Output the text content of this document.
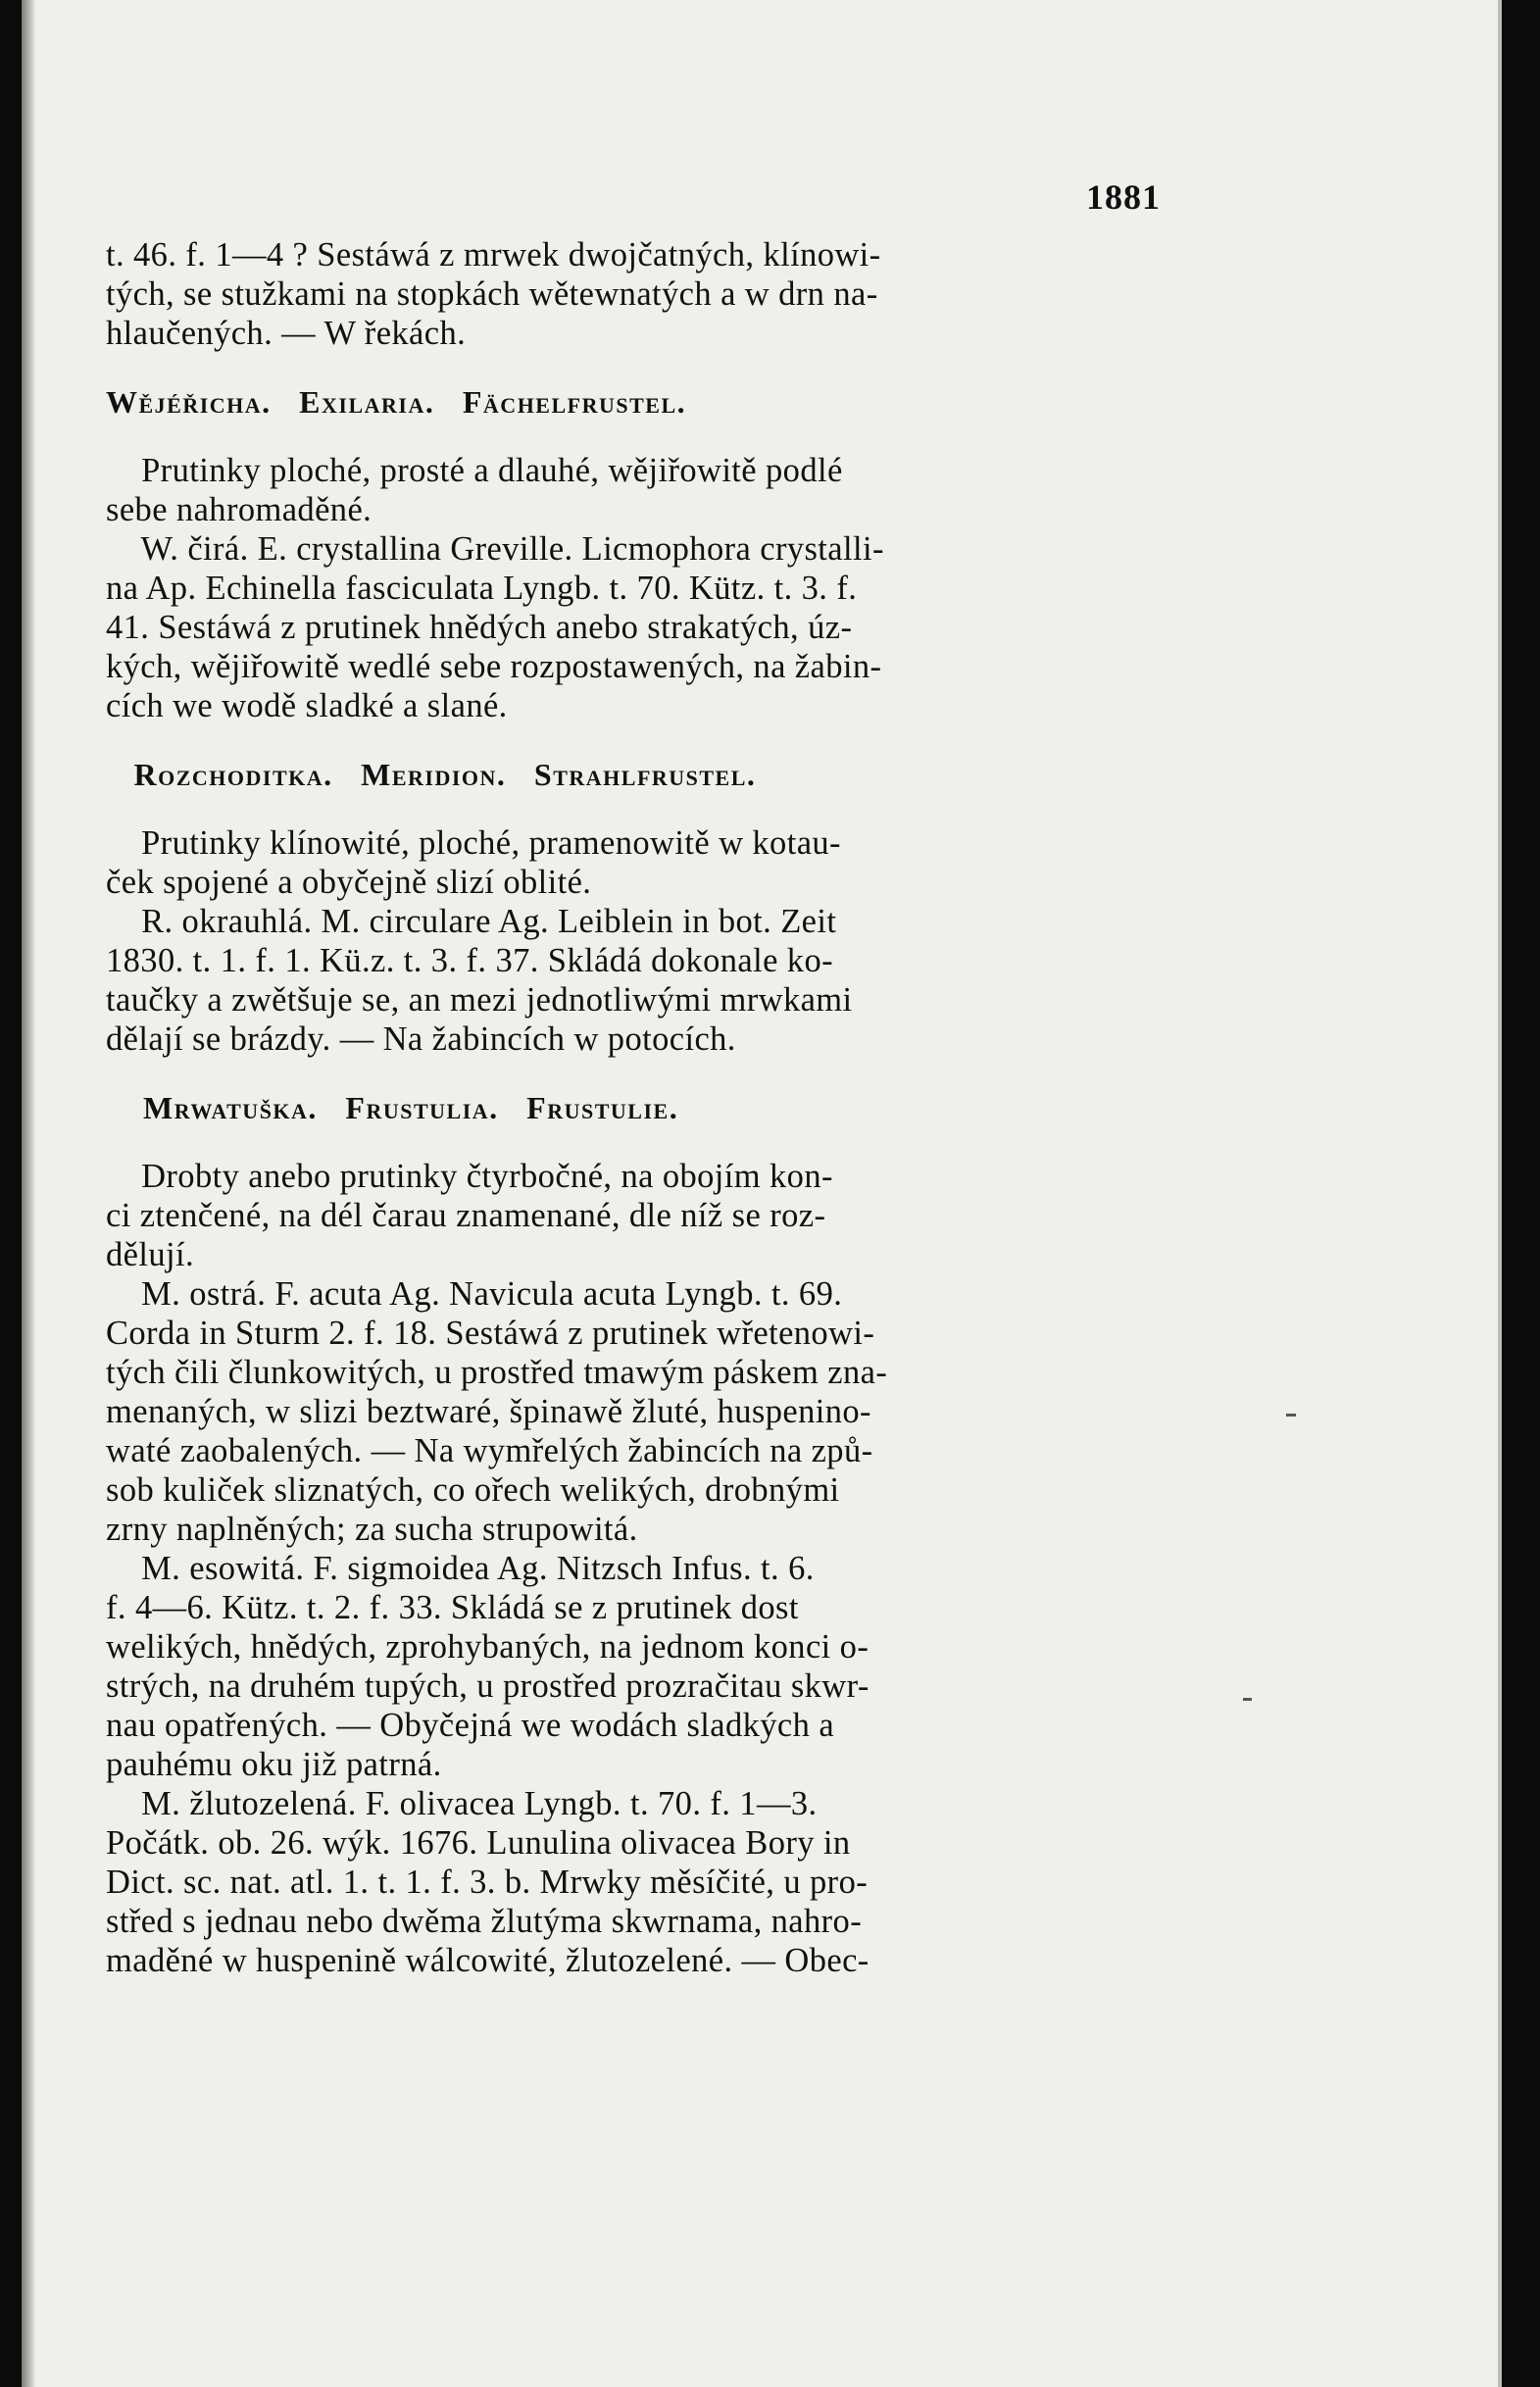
1881
t. 46. f. 1—4 ? Sestáwá z mrwek dwojčatných, klínowi-
tých, se stužkami na stopkách wětewnatých a w drn na-
hlaučených. — W řekách.
Wějéřicha.   Exilaria.   Fächelfrustel.
Prutinky ploché, prosté a dlauhé, wějiřowitě podlé
sebe nahromaděné.
W. čirá. E. crystallina Greville. Licmophora crystalli-
na Ap. Echinella fasciculata Lyngb. t. 70. Kütz. t. 3. f.
41. Sestáwá z prutinek hnědých anebo strakatých, úz-
kých, wějiřowitě wedlé sebe rozpostawených, na žabin-
cích we wodě sladké a slané.
Rozchoditka.   Meridion.   Strahlfrustel.
Prutinky klínowité, ploché, pramenowitě w kotau-
ček spojené a obyčejně slizí oblité.
R. okrauhlá. M. circulare Ag. Leiblein in bot. Zeit
1830. t. 1. f. 1. Kü.z. t. 3. f. 37. Skládá dokonale ko-
taučky a zwětšuje se, an mezi jednotliwými mrwkami
dělají se brázdy. — Na žabincích w potocích.
Mrwatuška.   Frustulia.   Frustulie.
Drobty anebo prutinky čtyrbočné, na obojím kon-
ci ztenčené, na dél čarau znamenané, dle níž se roz-
dělují.
M. ostrá. F. acuta Ag. Navicula acuta Lyngb. t. 69.
Corda in Sturm 2. f. 18. Sestáwá z prutinek wřetenowi-
tých čili člunkowitých, u prostřed tmawým páskem zna-
menaných, w slizi beztwaré, špinawě žluté, huspenino-
waté zaobalených. — Na wymřelých žabincích na způ-
sob kuliček sliznatých, co ořech welikých, drobnými
zrny naplněných; za sucha strupowitá.
M. esowitá. F. sigmoidea Ag. Nitzsch Infus. t. 6.
f. 4—6. Kütz. t. 2. f. 33. Skládá se z prutinek dost
welikých, hnědých, zprohybaných, na jednom konci o-
strých, na druhém tupých, u prostřed prozračitau skwr-
nau opatřených. — Obyčejná we wodách sladkých a
pauhému oku již patrná.
M. žlutozelená. F. olivacea Lyngb. t. 70. f. 1—3.
Počátk. ob. 26. wýk. 1676. Lunulina olivacea Bory in
Dict. sc. nat. atl. 1. t. 1. f. 3. b. Mrwky měsíčité, u pro-
střed s jednau nebo dwěma žlutýma skwrnama, nahro-
maděné w huspenině wálcowité, žlutozelené. — Obec-
